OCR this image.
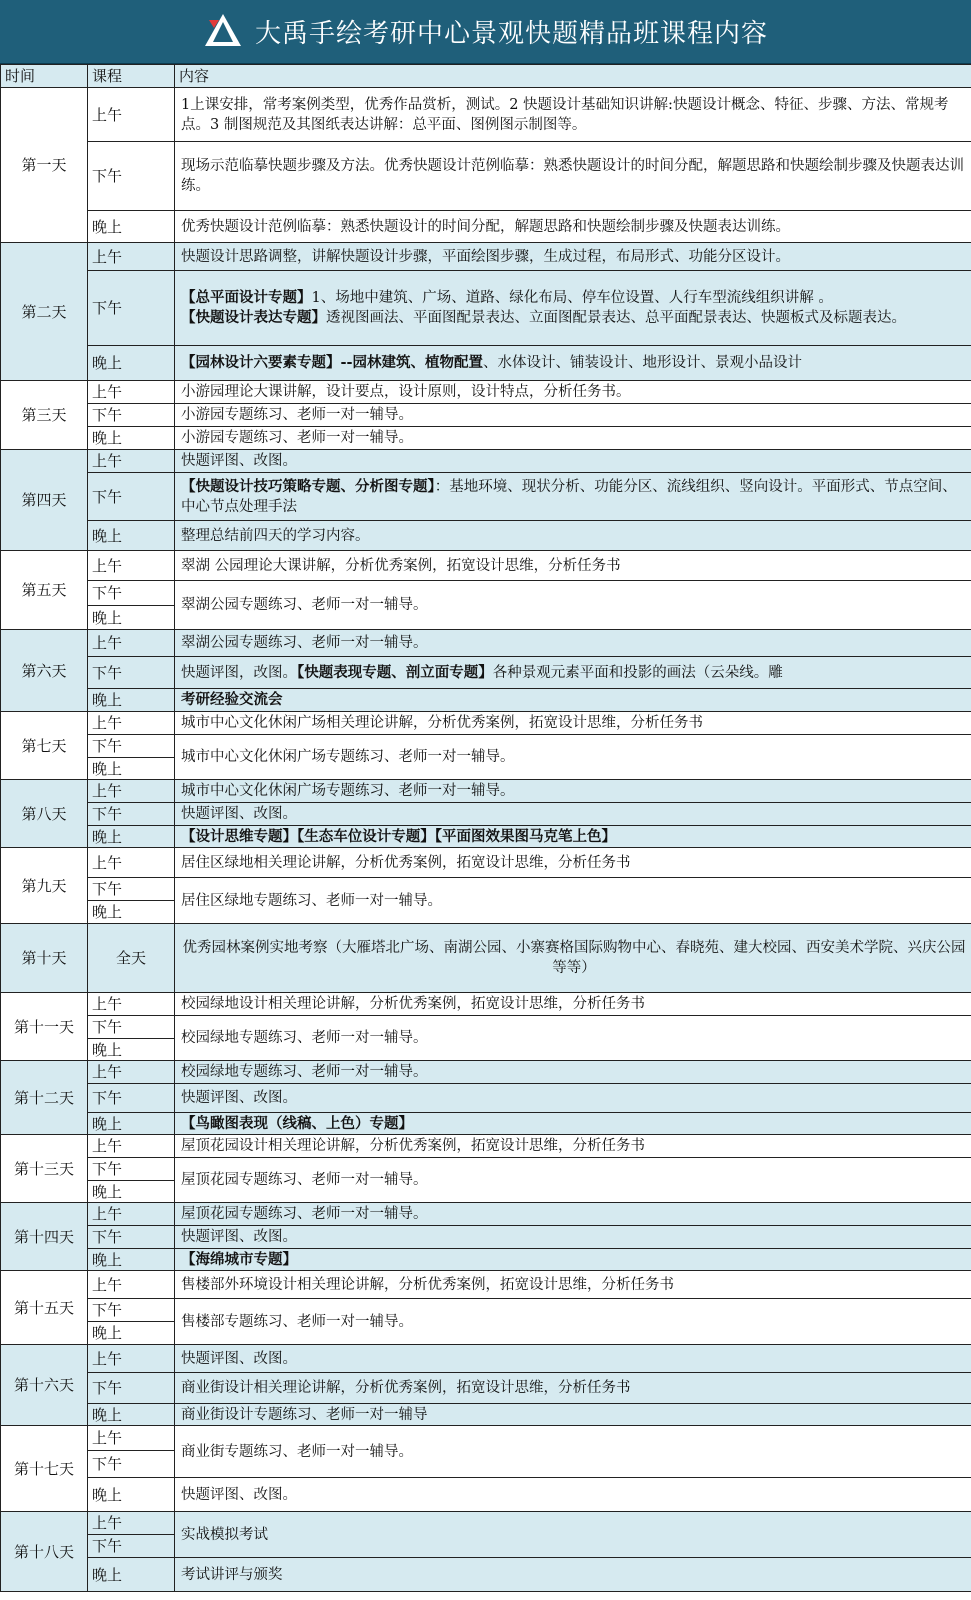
大禹手绘考研中心景观快题精品班课程内容
时间	课程	内容
第一天	上午	1上课安排，常考案例类型，优秀作品赏析，测试。2 快题设计基础知识讲解:快题设计概念、特征、步骤、方法、常规考点。3 制图规范及其图纸表达讲解：总平面、图例图示制图等。
	下午	现场示范临摹快题步骤及方法。优秀快题设计范例临摹：熟悉快题设计的时间分配，解题思路和快题绘制步骤及快题表达训练。
	晚上	优秀快题设计范例临摹：熟悉快题设计的时间分配，解题思路和快题绘制步骤及快题表达训练。
第二天	上午	快题设计思路调整，讲解快题设计步骤，平面绘图步骤，生成过程，布局形式、功能分区设计。
	下午	【总平面设计专题】1、场地中建筑、广场、道路、绿化布局、停车位设置、人行车型流线组织讲解 。【快题设计表达专题】透视图画法、平面图配景表达、立面图配景表达、总平面配景表达、快题板式及标题表达。
	晚上	【园林设计六要素专题】--园林建筑、植物配置、水体设计、铺装设计、地形设计、景观小品设计
第三天	上午	小游园理论大课讲解，设计要点，设计原则，设计特点，分析任务书。
	下午	小游园专题练习、老师一对一辅导。
	晚上	小游园专题练习、老师一对一辅导。
第四天	上午	快题评图、改图。
	下午	【快题设计技巧策略专题、分析图专题】：基地环境、现状分析、功能分区、流线组织、竖向设计。平面形式、节点空间、中心节点处理手法
	晚上	整理总结前四天的学习内容。
第五天	上午	翠湖 公园理论大课讲解，分析优秀案例，拓宽设计思维，分析任务书
	下午	翠湖公园专题练习、老师一对一辅导。
	晚上	
第六天	上午	翠湖公园专题练习、老师一对一辅导。
	下午	快题评图，改图。【快题表现专题、剖立面专题】各种景观元素平面和投影的画法（云朵线。雕
	晚上	考研经验交流会
第七天	上午	城市中心文化休闲广场相关理论讲解，分析优秀案例，拓宽设计思维，分析任务书
	下午	城市中心文化休闲广场专题练习、老师一对一辅导。
	晚上	
第八天	上午	城市中心文化休闲广场专题练习、老师一对一辅导。
	下午	快题评图、改图。
	晚上	【设计思维专题】【生态车位设计专题】【平面图效果图马克笔上色】
第九天	上午	居住区绿地相关理论讲解，分析优秀案例，拓宽设计思维，分析任务书
	下午	居住区绿地专题练习、老师一对一辅导。
	晚上	
第十天	全天	优秀园林案例实地考察（大雁塔北广场、南湖公园、小寨赛格国际购物中心、春晓苑、建大校园、西安美术学院、兴庆公园等等）
第十一天	上午	校园绿地设计相关理论讲解，分析优秀案例，拓宽设计思维，分析任务书
	下午	校园绿地专题练习、老师一对一辅导。
	晚上	
第十二天	上午	校园绿地专题练习、老师一对一辅导。
	下午	快题评图、改图。
	晚上	【鸟瞰图表现（线稿、上色）专题】
第十三天	上午	屋顶花园设计相关理论讲解，分析优秀案例，拓宽设计思维，分析任务书
	下午	屋顶花园专题练习、老师一对一辅导。
	晚上	
第十四天	上午	屋顶花园专题练习、老师一对一辅导。
	下午	快题评图、改图。
	晚上	【海绵城市专题】
第十五天	上午	售楼部外环境设计相关理论讲解，分析优秀案例，拓宽设计思维，分析任务书
	下午	售楼部专题练习、老师一对一辅导。
	晚上	
第十六天	上午	快题评图、改图。
	下午	商业街设计相关理论讲解，分析优秀案例，拓宽设计思维，分析任务书
	晚上	商业街设计专题练习、老师一对一辅导
第十七天	上午	商业街专题练习、老师一对一辅导。
	下午	
	晚上	快题评图、改图。
第十八天	上午	实战模拟考试
	下午	
	晚上	考试讲评与颁奖
